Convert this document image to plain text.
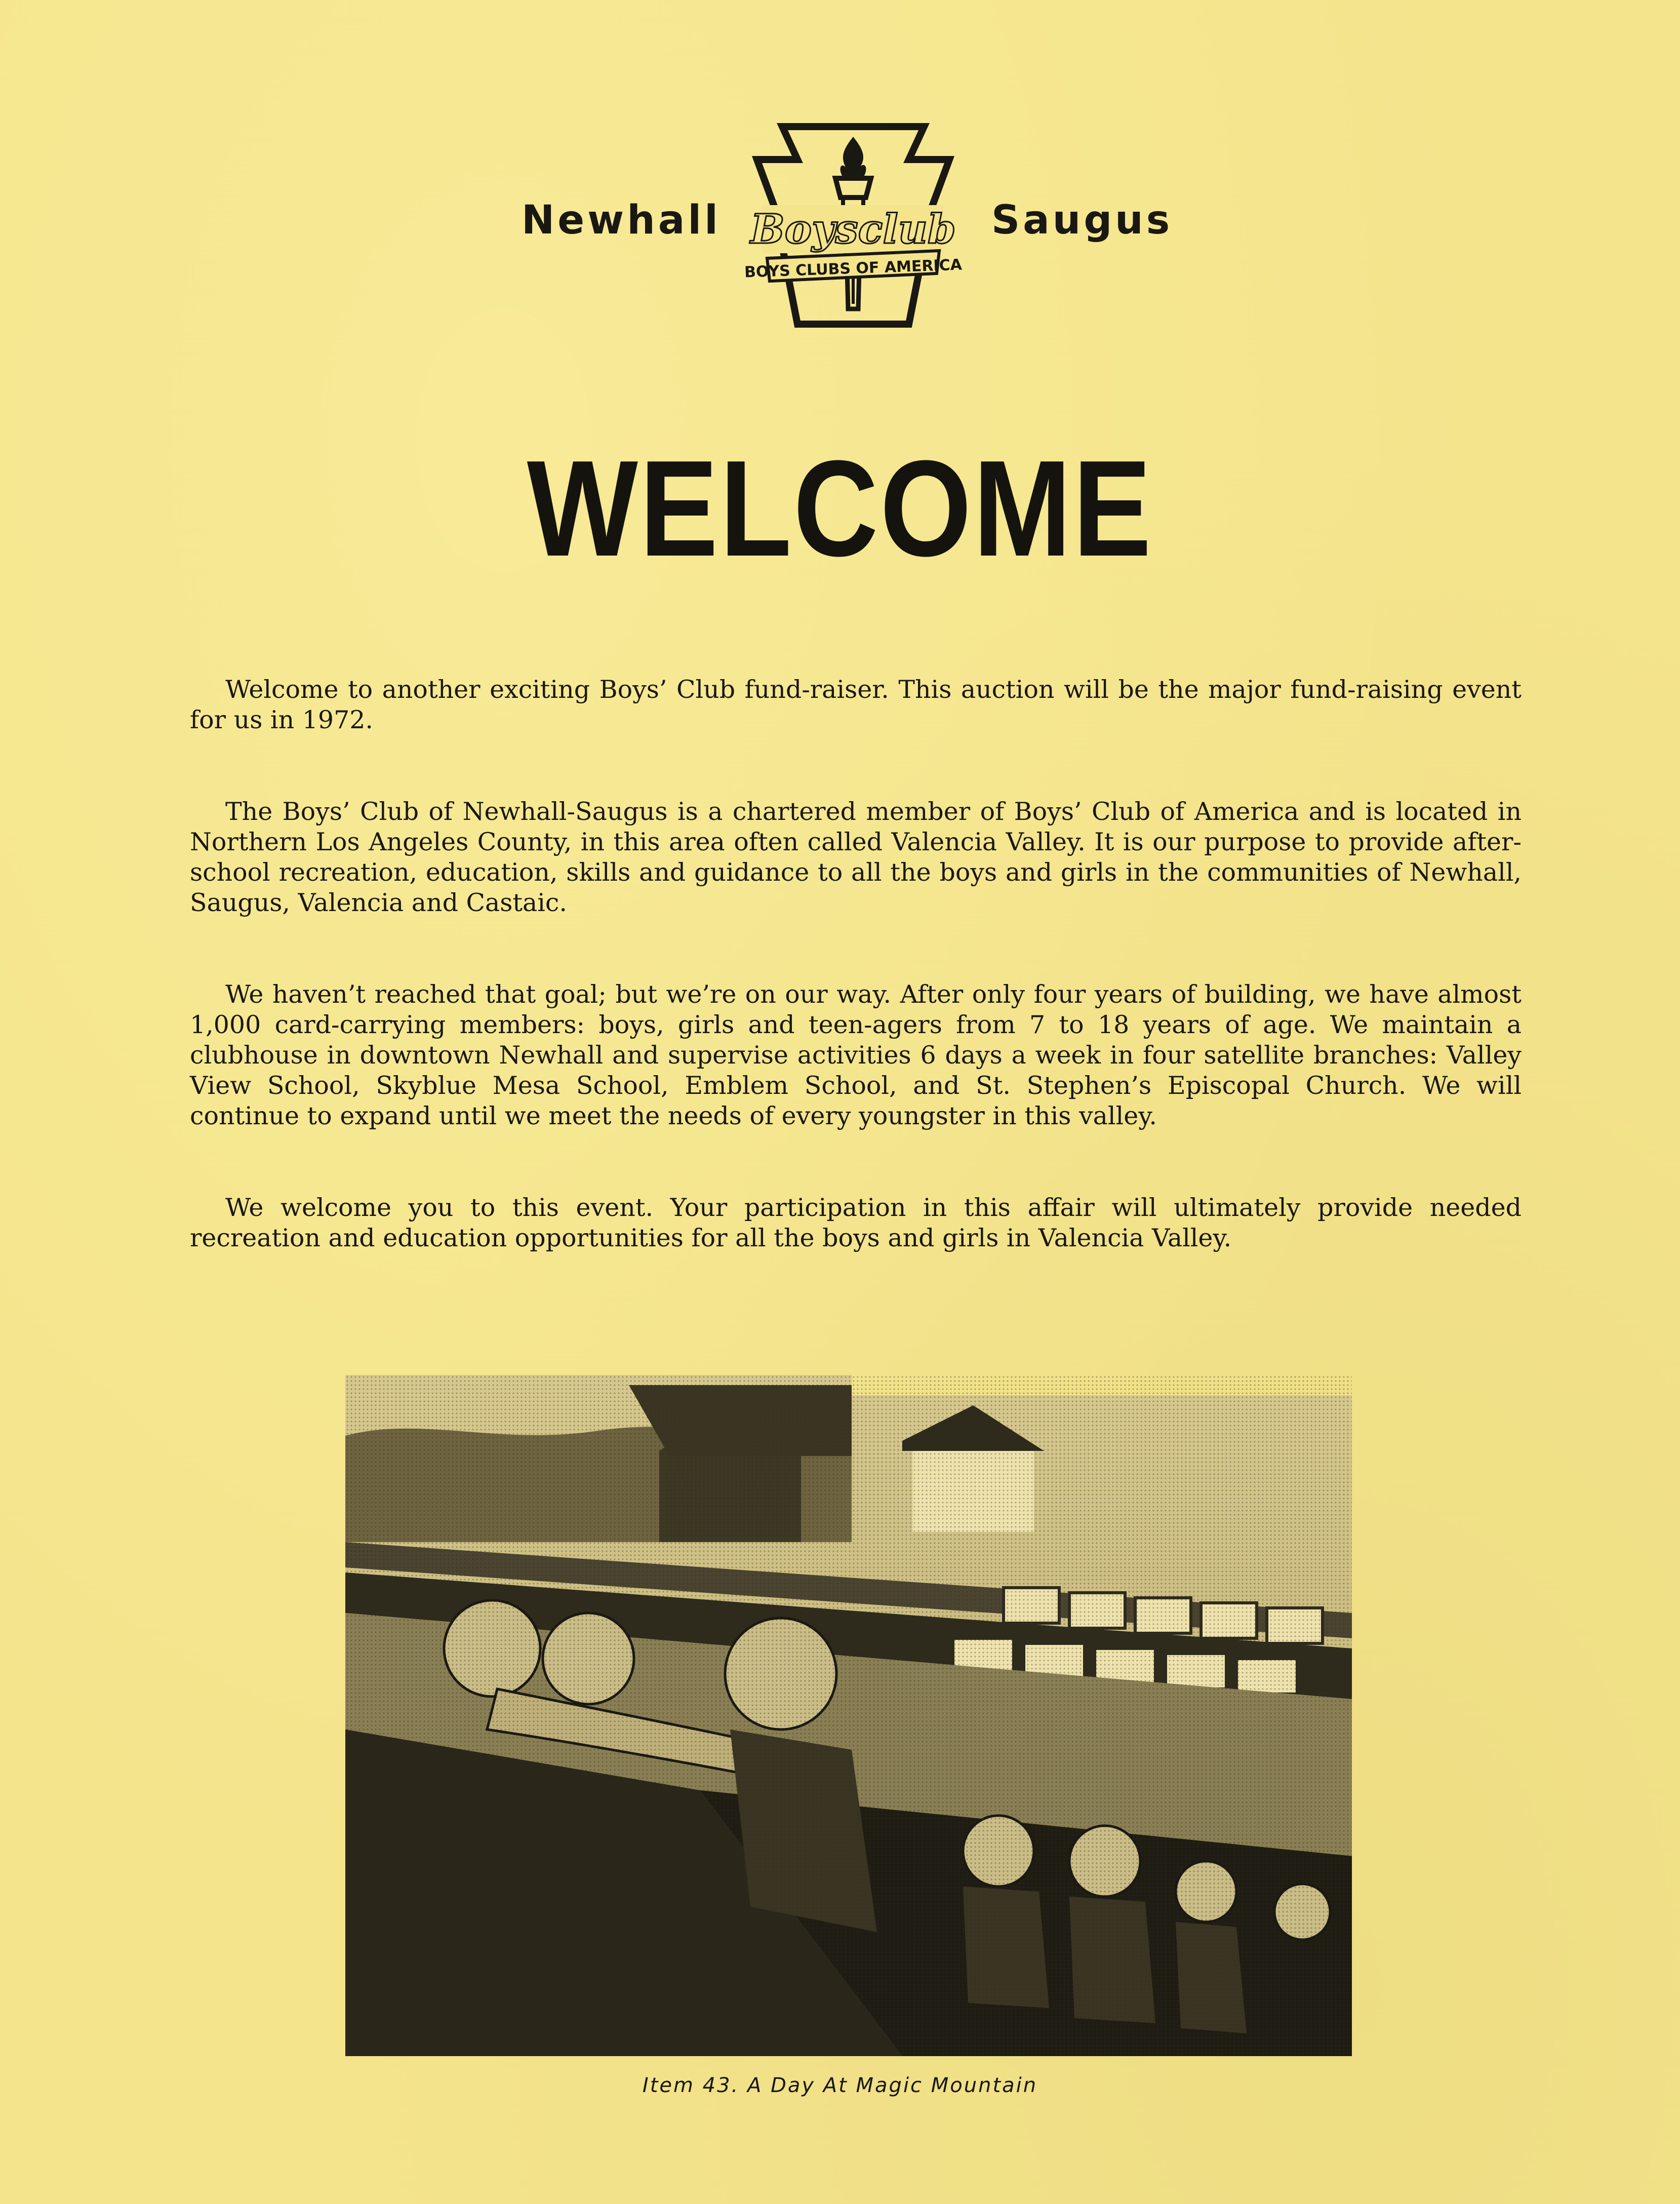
Newhall Boysclub
BOYS CLUBS OF AMERICA
Saugus
WELCOME

Welcome to another exciting Boys’ Club fund-raiser. This auction will be the major fund-raising event for us in 1972.

The Boys’ Club of Newhall-Saugus is a chartered member of Boys’ Club of America and is located in Northern Los Angeles County, in this area often called Valencia Valley. It is our purpose to provide after-school recreation, education, skills and guidance to all the boys and girls in the communities of Newhall, Saugus, Valencia and Castaic.

We haven’t reached that goal; but we’re on our way. After only four years of building, we have almost 1,000 card-carrying members: boys, girls and teen-agers from 7 to 18 years of age. We maintain a clubhouse in downtown Newhall and supervise activities 6 days a week in four satellite branches: Valley View School, Skyblue Mesa School, Emblem School, and St. Stephen’s Episcopal Church. We will continue to expand until we meet the needs of every youngster in this valley.

We welcome you to this event. Your participation in this affair will ultimately provide needed recreation and education opportunities for all the boys and girls in Valencia Valley.

Item 43. A Day At Magic Mountain
